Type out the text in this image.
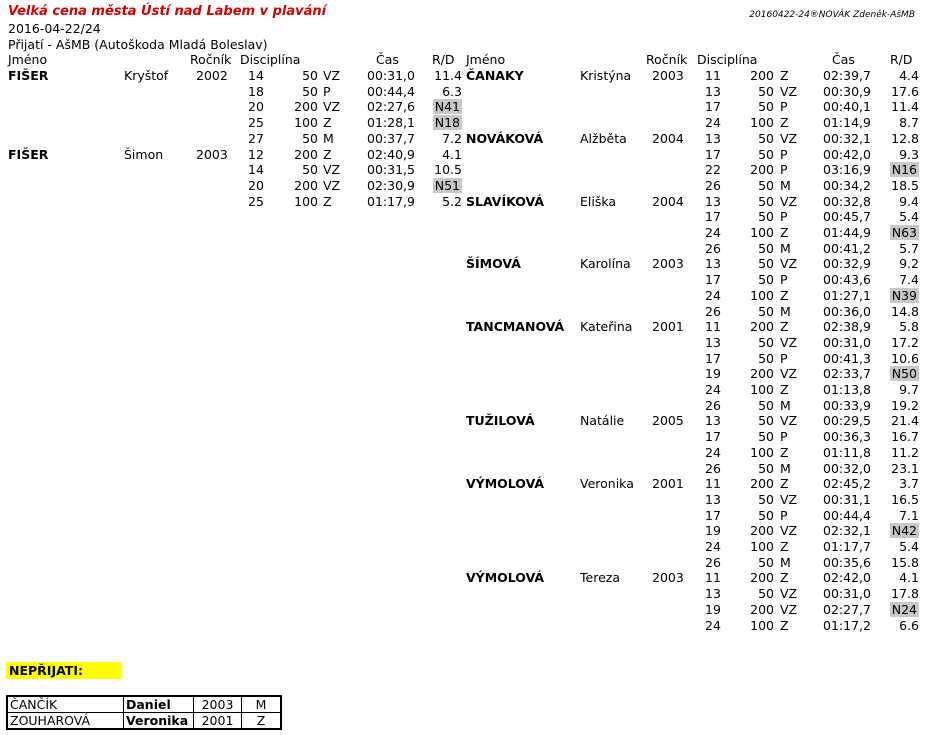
Velká cena města Ústí nad Labem v plavání	20160422-24®NOVÁK Zdeněk-AšMB
2016-04-22/24
Přijatí - AšMB (Autoškoda Mladá Boleslav)
Jméno	Ročník Disciplína	Čas	R/D Jméno	Ročník Disciplína	Čas	R/D
FIŠER	Kryštof 2002 14	50 VZ 00:31,0	11.4
18	50 P	00:44,4	6.3
20	200 VZ 02:27,6	N41
25	100 Z	01:28,1	N18
27	50 M	00:37,7	7.2
FIŠER	Šimon	2003 12	200 Z	02:40,9	4.1
14	50 VZ 00:31,5	10.5
20	200 VZ 02:30,9	N51
25	100 Z	01:17,9	5.2
ČANAKY	Kristýna 2003 11	200 Z	02:39,7	4.4
13	50 VZ 00:30,9	17.6
17	50 P	00:40,1	11.4
24	100 Z	01:14,9	8.7
NOVÁKOVÁ	Alžběta 2004 13	50 VZ 00:32,1	12.8
17	50 P	00:42,0	9.3
22	200 P	03:16,9	N16
26	50 M	00:34,2	18.5
SLAVÍKOVÁ	Eliška	2004 13	50 VZ 00:32,8	9.4
17	50 P	00:45,7	5.4
24	100 Z	01:44,9	N63
26	50 M	00:41,2	5.7
ŠÍMOVÁ	Karolína 2003 13	50 VZ 00:32,9	9.2
17	50 P	00:43,6	7.4
24	100 Z	01:27,1	N39
26	50 M	00:36,0	14.8
TANCMANOVÁ Kateřina 2001 11	200 Z	02:38,9	5.8
13	50 VZ 00:31,0	17.2
17	50 P	00:41,3	10.6
19	200 VZ 02:33,7	N50
24	100 Z	01:13,8	9.7
26	50 M	00:33,9	19.2
TUŽILOVÁ	Natálie 2005 13	50 VZ 00:29,5	21.4
17	50 P	00:36,3	16.7
24	100 Z	01:11,8	11.2
26	50 M	00:32,0	23.1
VÝMOLOVÁ	Veronika 2001 11	200 Z	02:45,2	3.7
13	50 VZ 00:31,1	16.5
17	50 P	00:44,4	7.1
19	200 VZ 02:32,1	N42
24	100 Z	01:17,7	5.4
26	50 M	00:35,6	15.8
VÝMOLOVÁ	Tereza	2003 11	200 Z	02:42,0	4.1
13	50 VZ 00:31,0	17.8
19	200 VZ 02:27,7	N24
24	100 Z	01:17,2	6.6
NEPŘIJATI:
ČANČÍK	Daniel	2003	M
ZOUHAROVÁ	Veronika	2001	Z
